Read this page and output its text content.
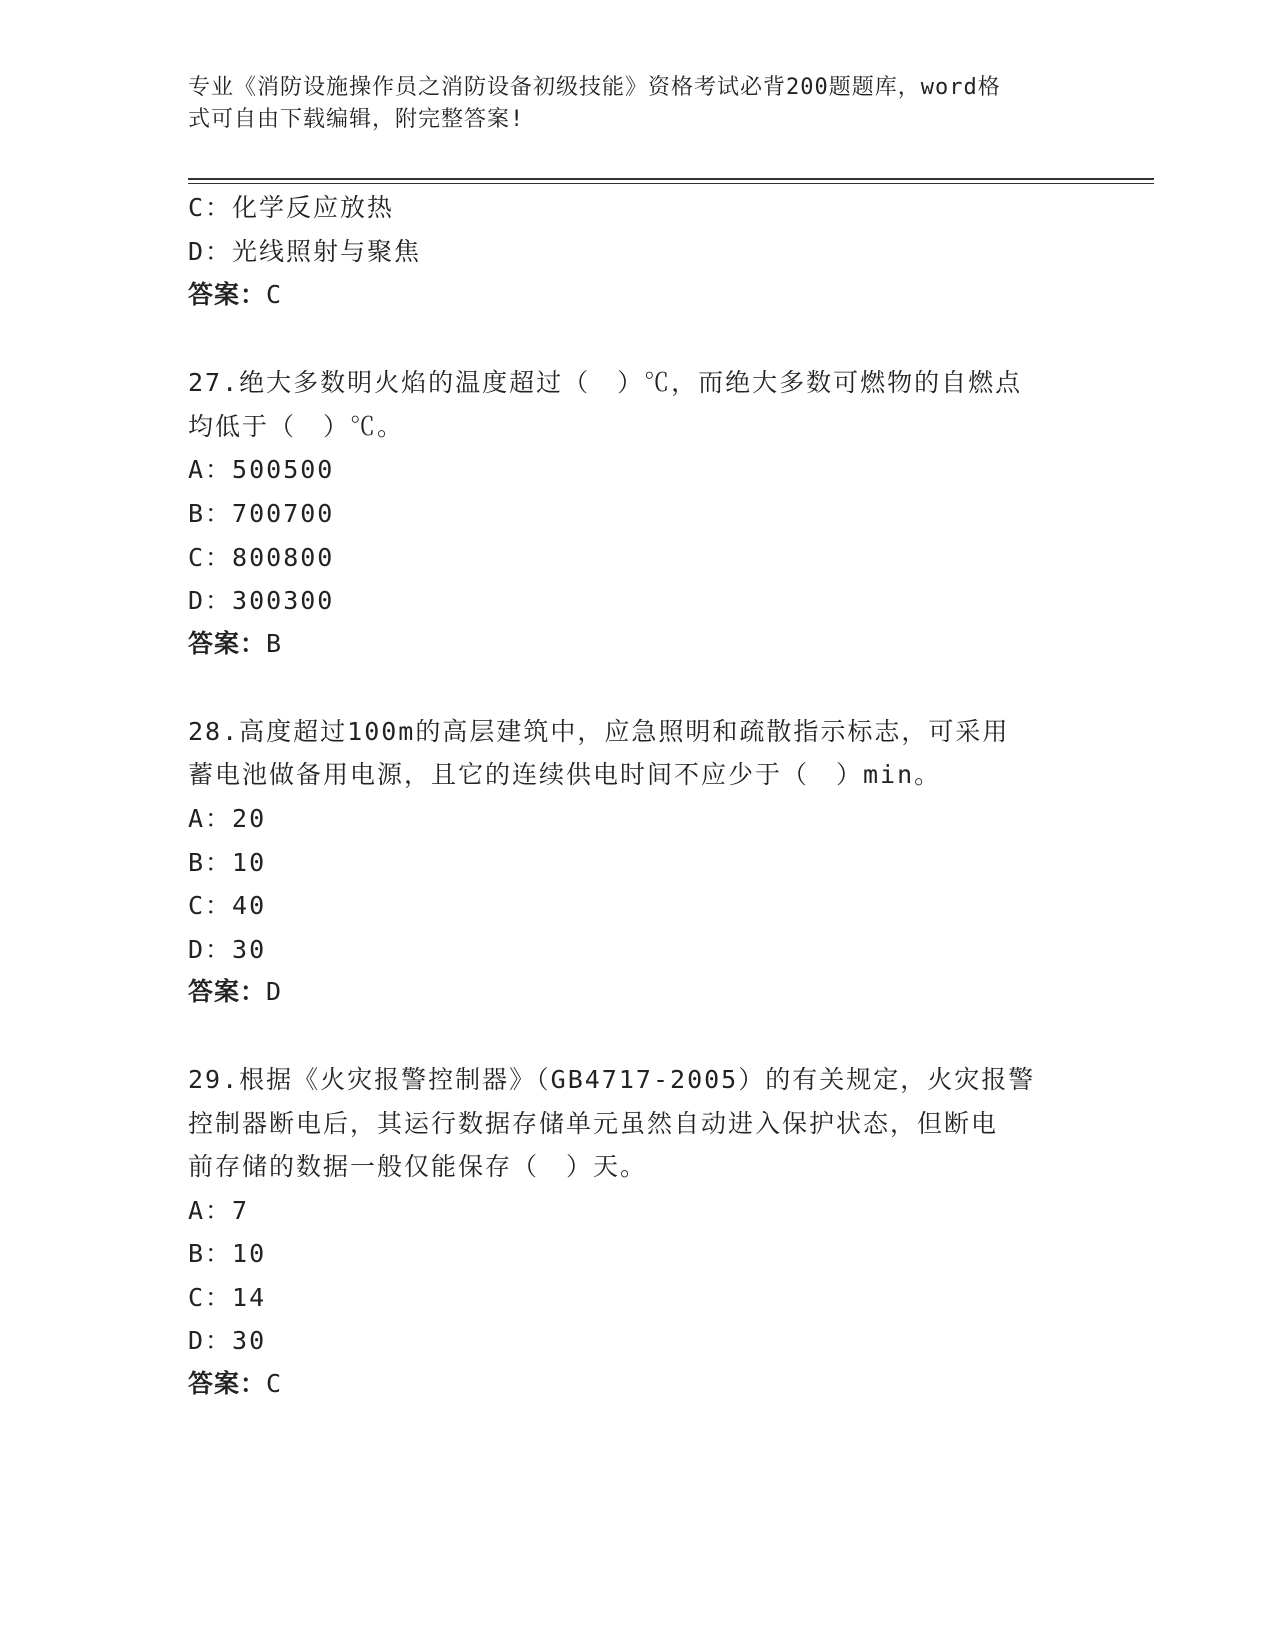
专业《消防设施操作员之消防设备初级技能》资格考试必背200题题库，word格
式可自由下载编辑，附完整答案!
C：化学反应放热
D：光线照射与聚焦
答案：C
27.绝大多数明火焰的温度超过（　）℃，而绝大多数可燃物的自燃点
均低于（　）℃。
A：500500
B：700700
C：800800
D：300300
答案：B
28.高度超过100m的高层建筑中，应急照明和疏散指示标志，可采用
蓄电池做备用电源，且它的连续供电时间不应少于（　）min。
A：20
B：10
C：40
D：30
答案：D
29.根据《火灾报警控制器》（GB4717-2005）的有关规定，火灾报警
控制器断电后，其运行数据存储单元虽然自动进入保护状态，但断电
前存储的数据一般仅能保存（　）天。
A：7
B：10
C：14
D：30
答案：C
